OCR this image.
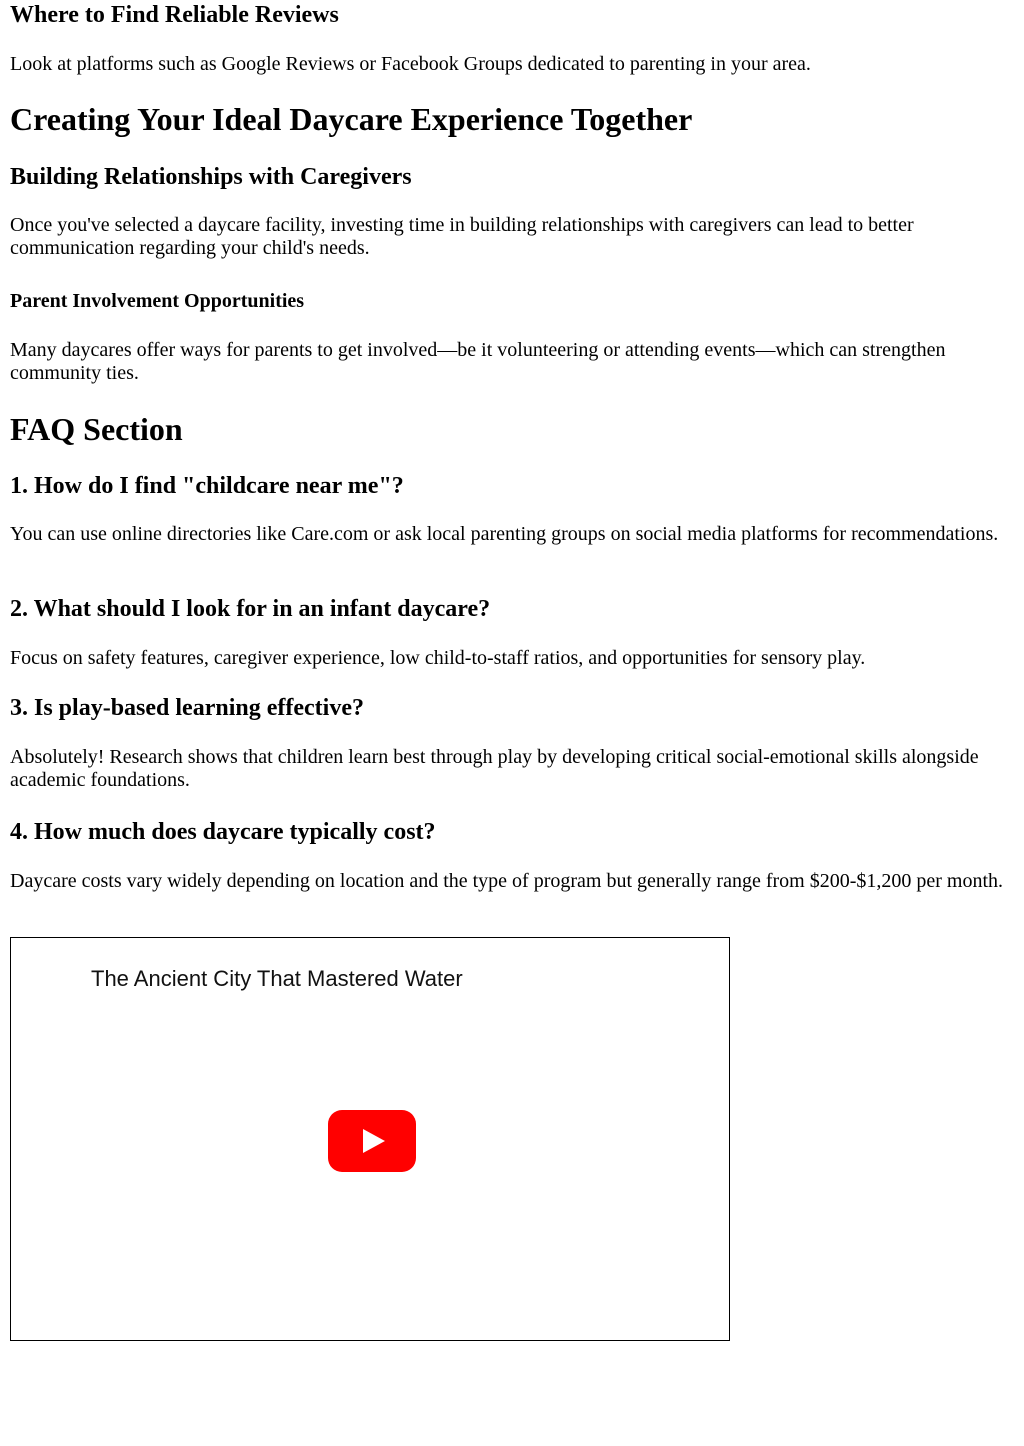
Where to Find Reliable Reviews

Look at platforms such as Google Reviews or Facebook Groups dedicated to parenting in your area.

Creating Your Ideal Daycare Experience Together
Building Relationships with Caregivers

Once you've selected a daycare facility, investing time in building relationships with caregivers can lead to better communication regarding your child's needs.

Parent Involvement Opportunities

Many daycares offer ways for parents to get involved—be it volunteering or attending events—which can strengthen community ties.

FAQ Section
1. How do I find "childcare near me"?

You can use online directories like Care.com or ask local parenting groups on social media platforms for recommendations.

2. What should I look for in an infant daycare?

Focus on safety features, caregiver experience, low child-to-staff ratios, and opportunities for sensory play.

3. Is play-based learning effective?

Absolutely! Research shows that children learn best through play by developing critical social-emotional skills alongside academic foundations.

4. How much does daycare typically cost?

Daycare costs vary widely depending on location and the type of program but generally range from $200-$1,200 per month.

The Ancient City That Mastered Water
